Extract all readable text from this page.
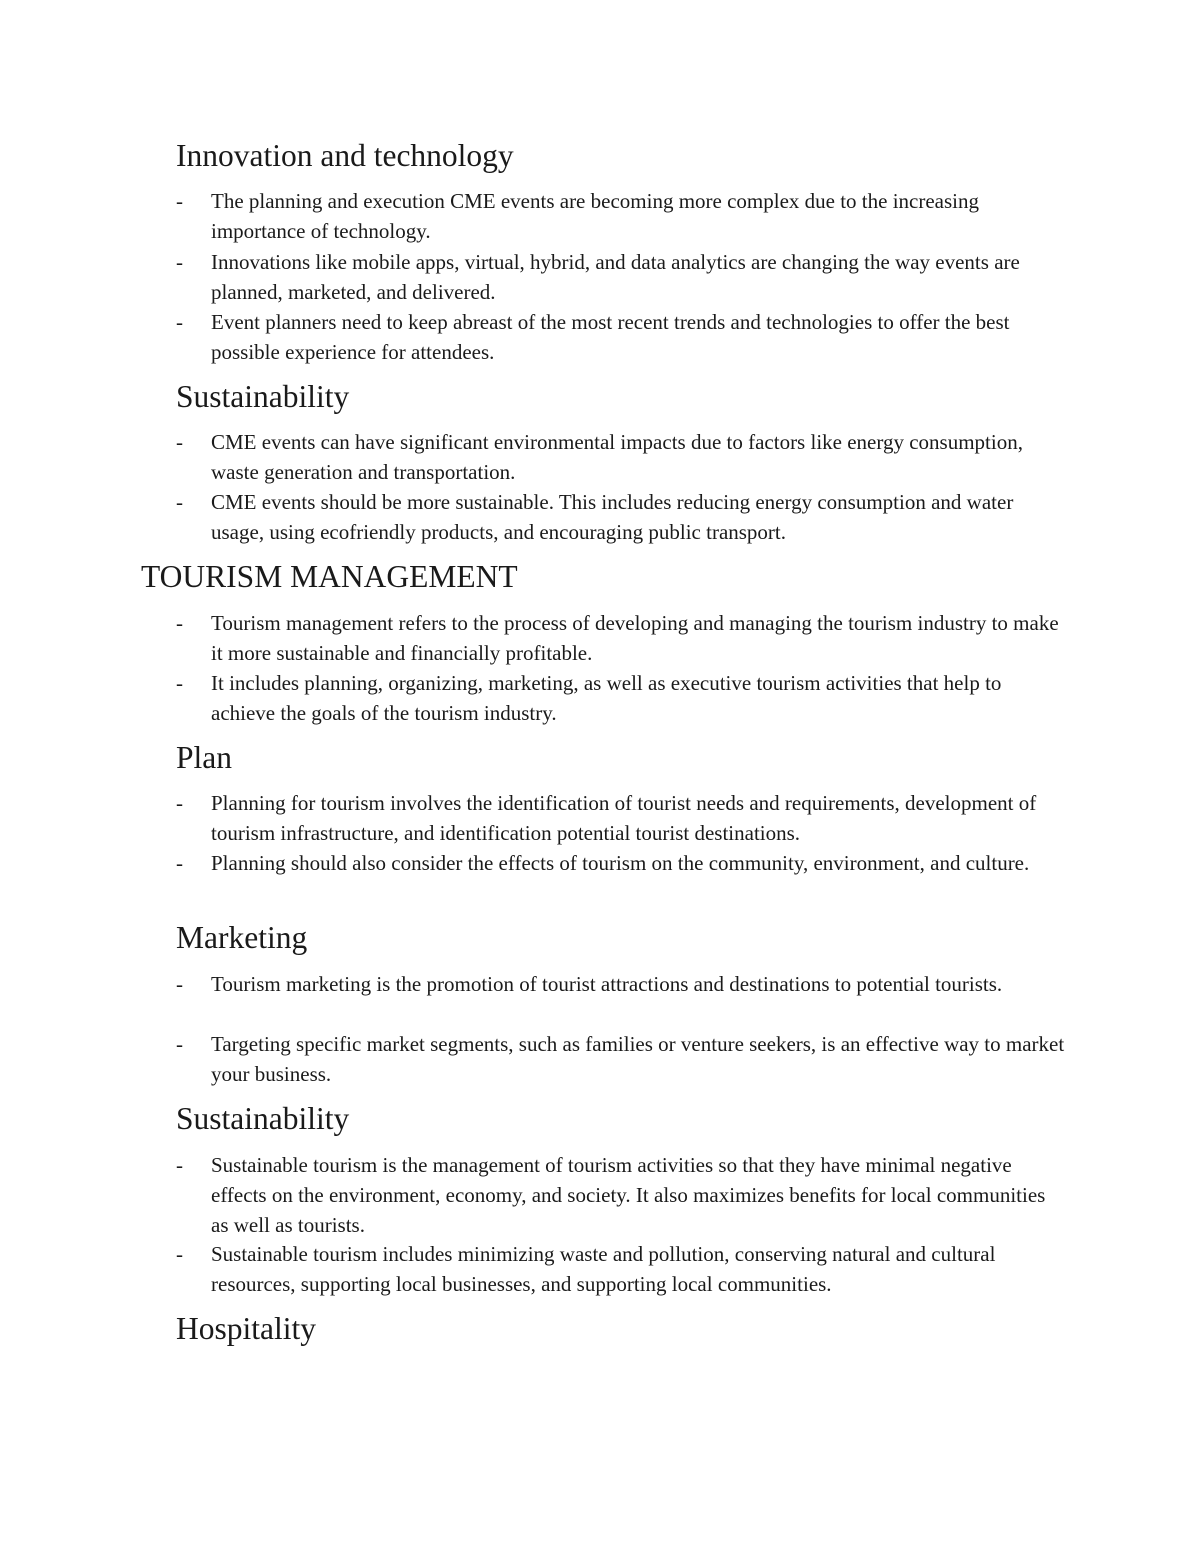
Innovation and technology
-	The planning and execution CME events are becoming more complex due to the increasing importance of technology.
-	Innovations like mobile apps, virtual, hybrid, and data analytics are changing the way events are planned, marketed, and delivered.
-	Event planners need to keep abreast of the most recent trends and technologies to offer the best possible experience for attendees.
Sustainability
-	CME events can have significant environmental impacts due to factors like energy consumption, waste generation and transportation.
-	CME events should be more sustainable. This includes reducing energy consumption and water usage, using ecofriendly products, and encouraging public transport.
TOURISM MANAGEMENT
-	Tourism management refers to the process of developing and managing the tourism industry to make it more sustainable and financially profitable.
-	It includes planning, organizing, marketing, as well as executive tourism activities that help to achieve the goals of the tourism industry.
Plan
-	Planning for tourism involves the identification of tourist needs and requirements, development of tourism infrastructure, and identification potential tourist destinations.
-	Planning should also consider the effects of tourism on the community, environment, and culture.
Marketing
-	Tourism marketing is the promotion of tourist attractions and destinations to potential tourists.
-	Targeting specific market segments, such as families or venture seekers, is an effective way to market your business.
Sustainability
-	Sustainable tourism is the management of tourism activities so that they have minimal negative effects on the environment, economy, and society. It also maximizes benefits for local communities as well as tourists.
-	Sustainable tourism includes minimizing waste and pollution, conserving natural and cultural resources, supporting local businesses, and supporting local communities.
Hospitality
